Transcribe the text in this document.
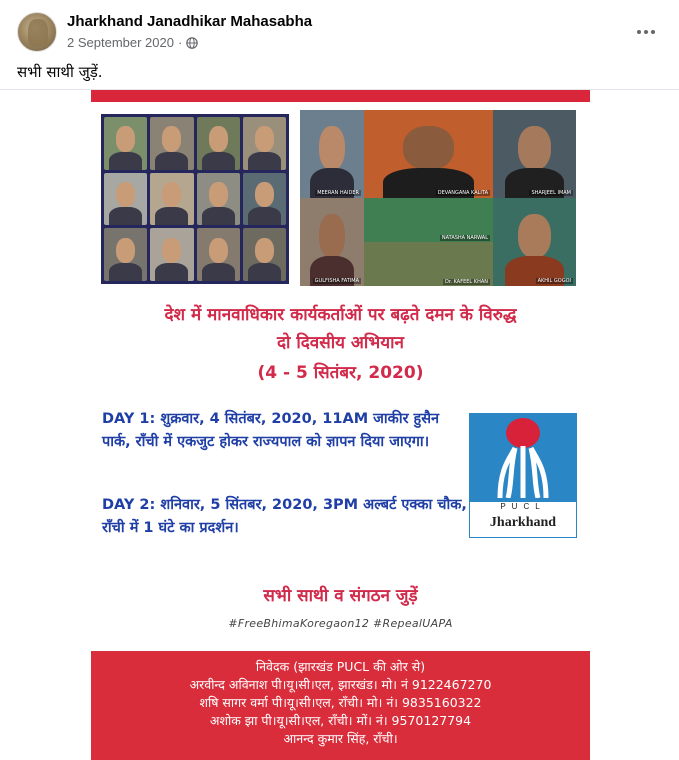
Jharkhand Janadhikar Mahasabha
2 September 2020 ·
सभी साथी जुड़ें.
MEERAN HAIDER	DEVANGANA KALITA	SHARJEEL IMAM
GULFISHA FATIMA
NATASHA NARWAL
Dr. KAFEEL KHAN	AKHIL GOGOI
देश में मानवाधिकार कार्यकर्ताओं पर बढ़ते दमन के विरुद्ध
दो दिवसीय अभियान
(4 - 5 सितंबर, 2020)
DAY 1: शुक्रवार, 4 सितंबर, 2020, 11AM जाकीर हुसैन पार्क, राँची में एकजुट होकर राज्यपाल को ज्ञापन दिया जाएगा।
DAY 2: शनिवार, 5 सिंतबर, 2020, 3PM अल्बर्ट एक्का चौक, राँची में 1 घंटे का प्रदर्शन।
PUCL
Jharkhand
सभी साथी व संगठन जुड़ें
#FreeBhimaKoregaon12 #RepealUAPA
निवेदक (झारखंड PUCL की ओर से)
अरवीन्द अविनाश पी।यू।सी।एल, झारखंड। मो। नं 9122467270
शषि सागर वर्मा पी।यू।सी।एल, राँची। मो। नं। 9835160322
अशोक झा पी।यू।सी।एल, राँची। मों। नं। 9570127794
आनन्द कुमार सिंह, राँची।
